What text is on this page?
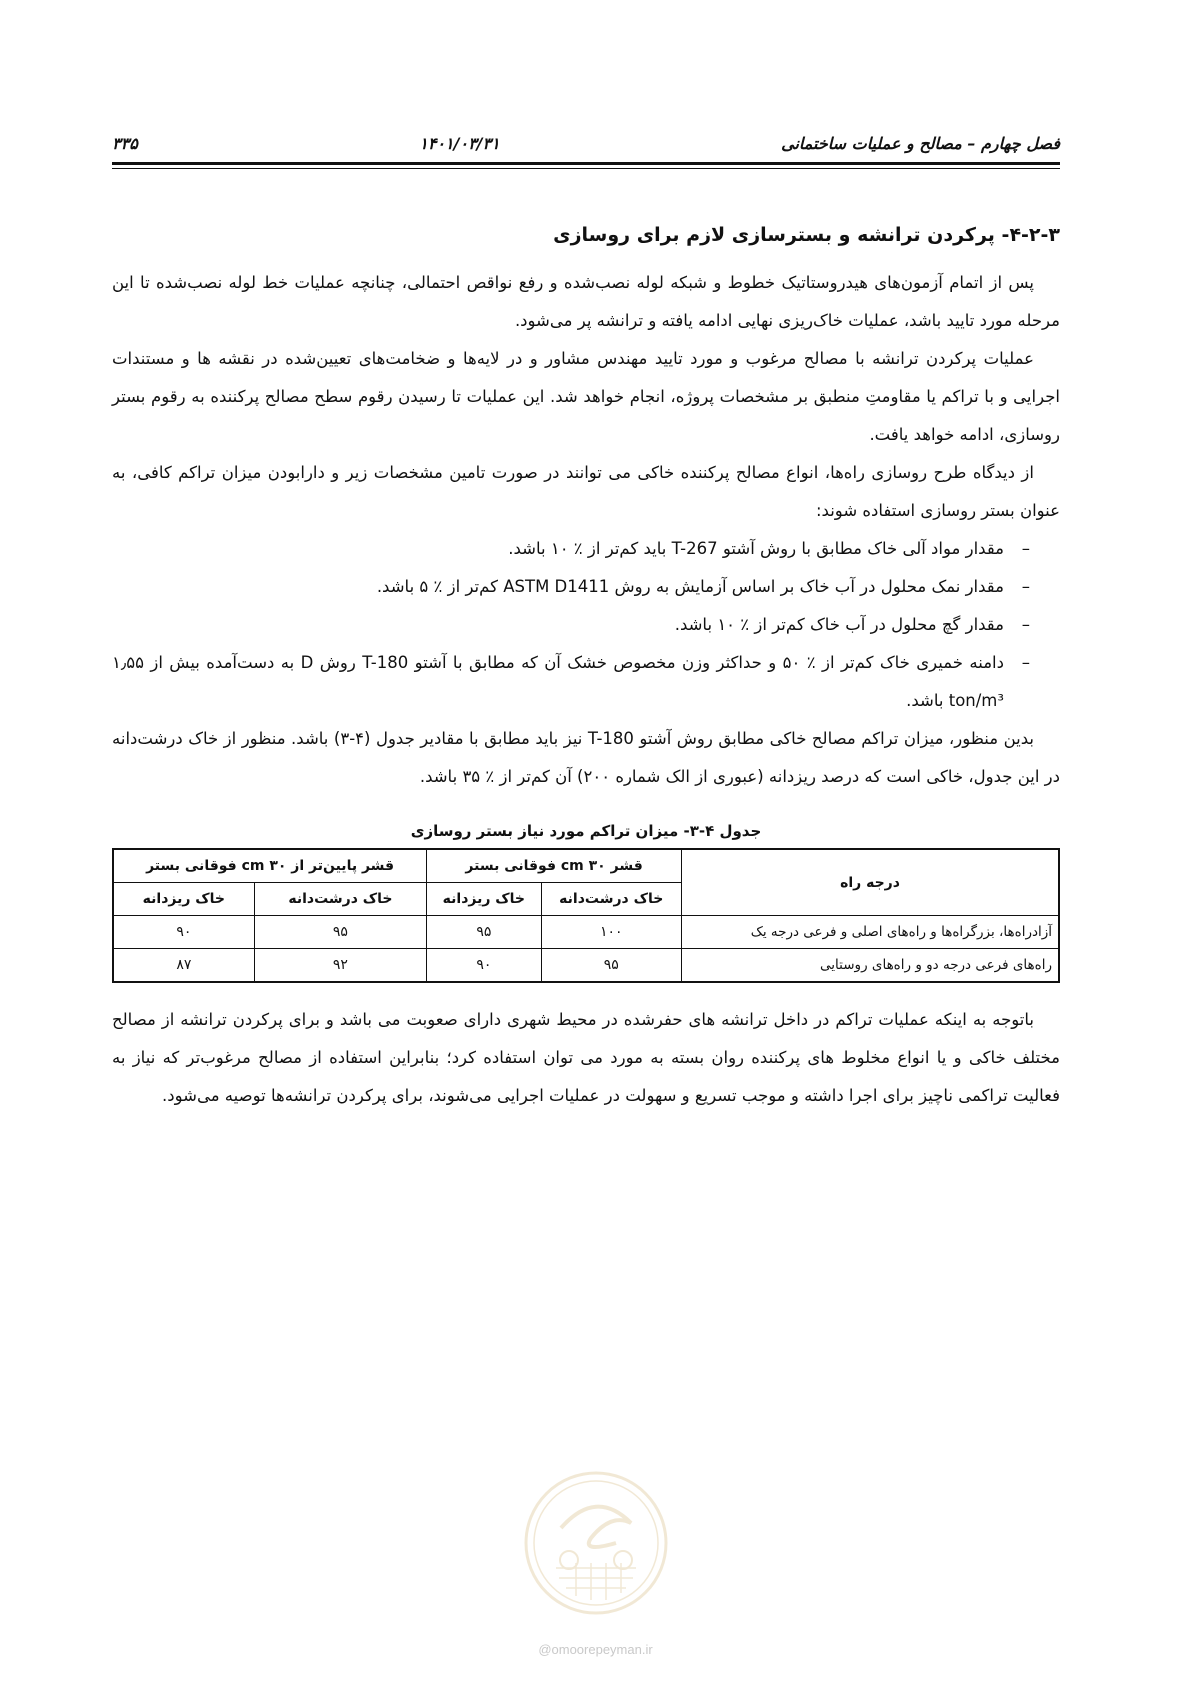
فصل چهارم – مصالح و عملیات ساختمانی
۱۴۰۱/۰۳/۳۱
۳۳۵
۴-۲-۳- پرکردن ترانشه و بسترسازی لازم برای روسازی

پس از اتمام آزمون‌های هیدروستاتیک خطوط و شبکه لوله نصب‌شده و رفع نواقص احتمالی، چنانچه عملیات خط لوله نصب‌شده تا این مرحله مورد تایید باشد، عملیات خاک‌ریزی نهایی ادامه یافته و ترانشه پر می‌شود.

عملیات پرکردن ترانشه با مصالح مرغوب و مورد تایید مهندس مشاور و در لایه‌ها و ضخامت‌های تعیین‌شده در نقشه ها و مستندات اجرایی و با تراکم یا مقاومتِ منطبق بر مشخصات پروژه، انجام خواهد شد. این عملیات تا رسیدن رقوم سطح مصالح پرکننده به رقوم بستر روسازی، ادامه خواهد یافت.

از دیدگاه طرح روسازی راه‌ها، انواع مصالح پرکننده خاکی می توانند در صورت تامین مشخصات زیر و دارابودن میزان تراکم کافی، به عنوان بستر روسازی استفاده شوند:

–
مقدار مواد آلی خاک مطابق با روش آشتو T-267 باید کم‌تر از ٪ ۱۰ باشد.
–
مقدار نمک محلول در آب خاک بر اساس آزمایش به روش ASTM D1411 کم‌تر از ٪ ۵ باشد.
–
مقدار گچ محلول در آب خاک کم‌تر از ٪ ۱۰ باشد.
–
دامنه خمیری خاک کم‌تر از ٪ ۵۰ و حداکثر وزن مخصوص خشک آن که مطابق با آشتو T-180 روش D به دست‌آمده بیش از ۱٫۵۵ ton/m³ باشد.

بدین منظور، میزان تراکم مصالح خاکی مطابق روش آشتو T-180 نیز باید مطابق با مقادیر جدول (۴-۳) باشد. منظور از خاک درشت‌دانه در این جدول، خاکی است که درصد ریزدانه (عبوری از الک شماره ۲۰۰) آن کم‌تر از ٪ ۳۵ باشد.

جدول ۴-۳- میزان تراکم مورد نیاز بستر روسازی
درجه راه	قشر cm ۳۰ فوقانی بستر		قشر پایین‌تر از cm ۳۰ فوقانی بستر	
	خاک درشت‌دانه	خاک ریزدانه	خاک درشت‌دانه	خاک ریزدانه
آزادراه‌ها، بزرگراه‌ها و راه‌های اصلی و فرعی درجه یک	۱۰۰	۹۵	۹۵	۹۰
راه‌های فرعی درجه دو و راه‌های روستایی	۹۵	۹۰	۹۲	۸۷

باتوجه به اینکه عملیات تراکم در داخل ترانشه های حفرشده در محیط شهری دارای صعوبت می باشد و برای پرکردن ترانشه از مصالح مختلف خاکی و یا انواع مخلوط های پرکننده روان بسته به مورد می توان استفاده کرد؛ بنابراین استفاده از مصالح مرغوب‌تر که نیاز به فعالیت تراکمی ناچیز برای اجرا داشته و موجب تسریع و سهولت در عملیات اجرایی می‌شوند، برای پرکردن ترانشه‌ها توصیه می‌شود.

@omoorepeyman.ir
